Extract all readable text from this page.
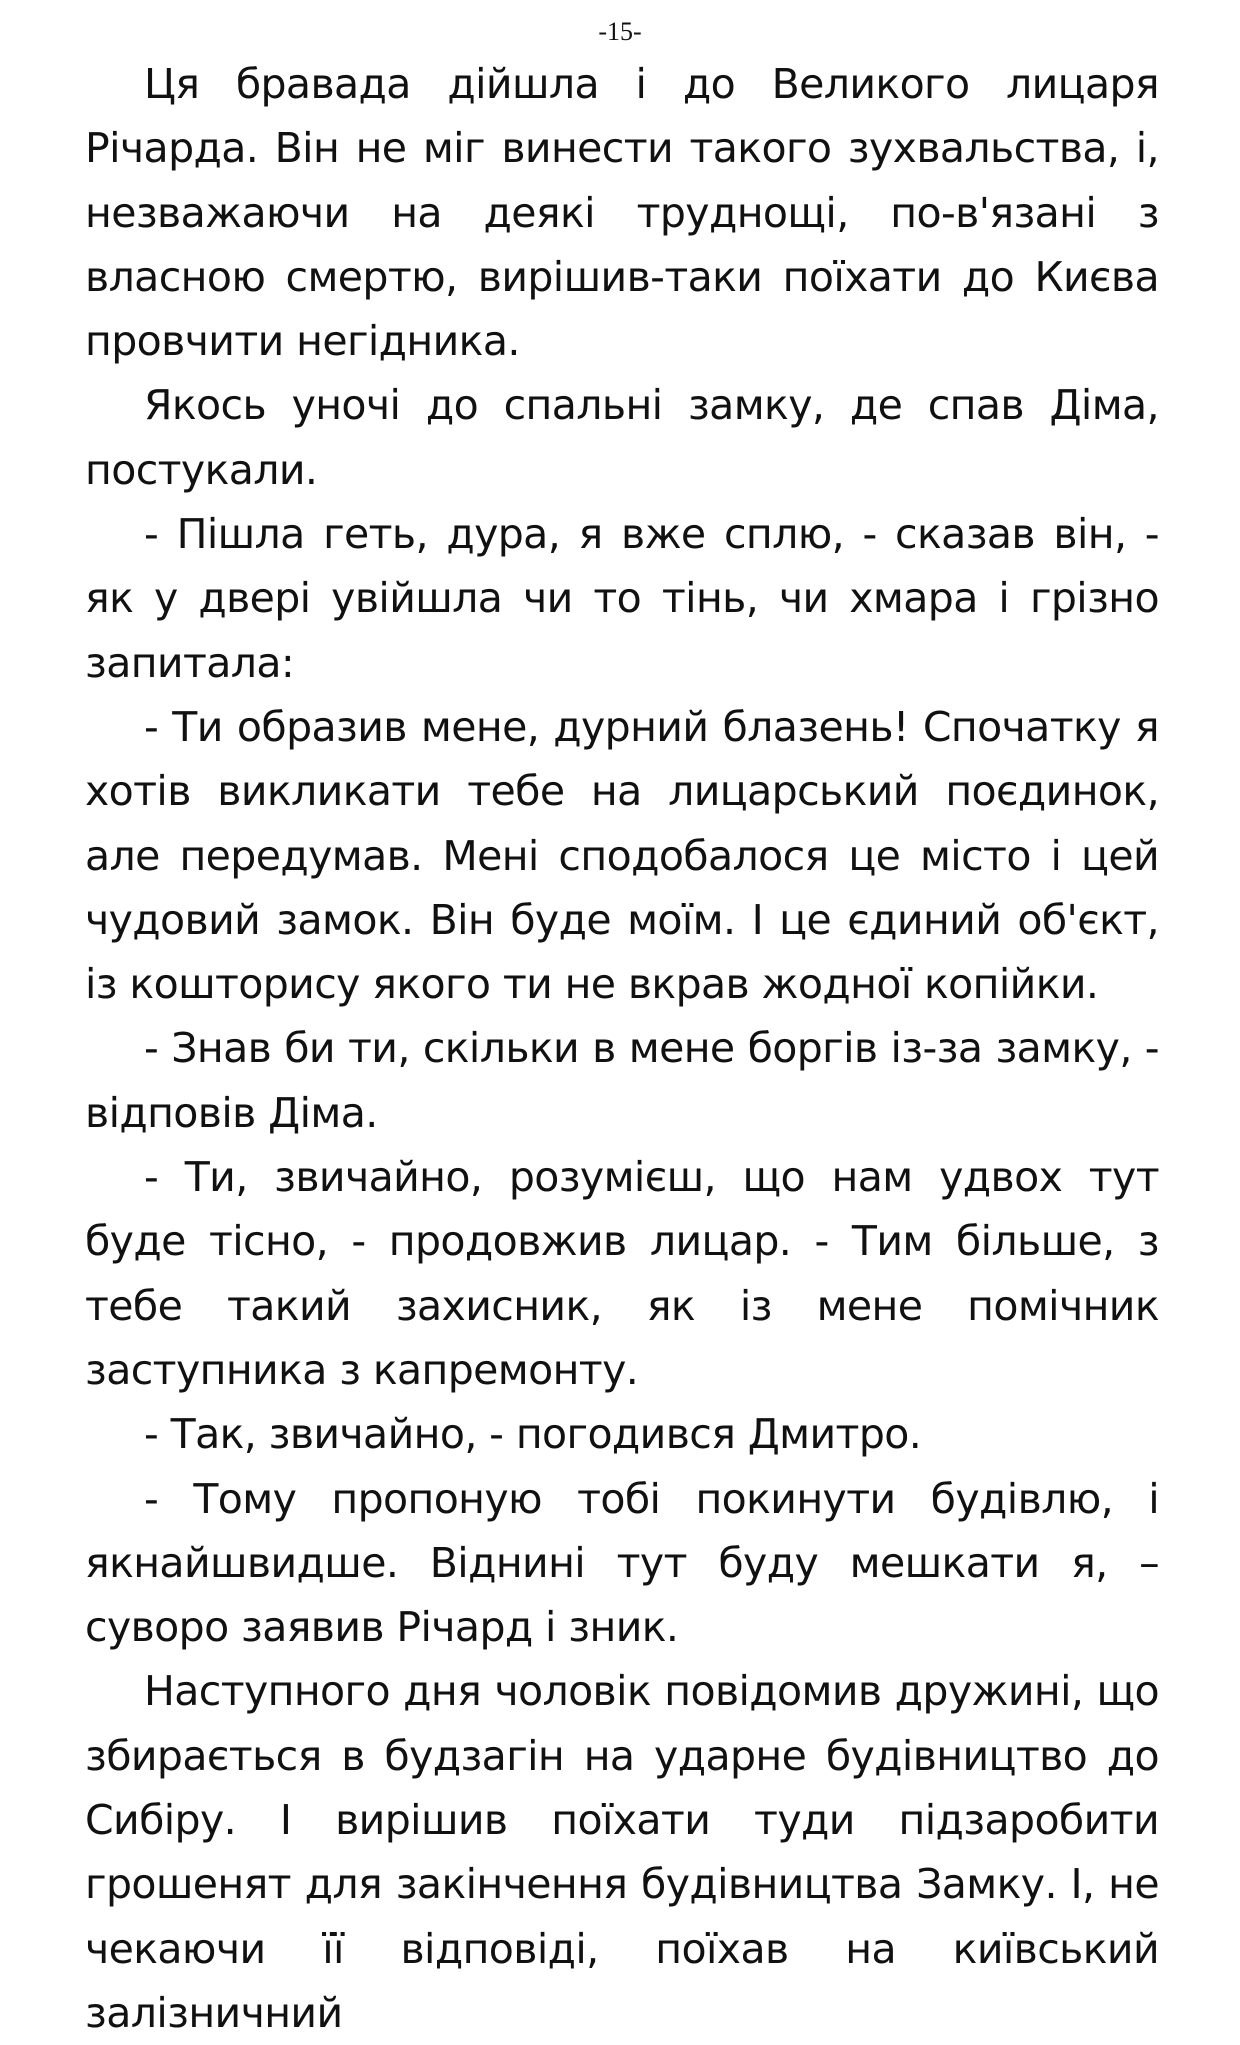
-15-

Ця бравада дійшла і до Великого лицаря Річарда. Він не міг винести такого зухвальства, і, незважаючи на деякі труднощі, по-в'язані з власною смертю, вирішив-таки поїхати до Києва провчити негідника.

Якось уночі до спальні замку, де спав Діма, постукали.

- Пішла геть, дура, я вже сплю, - сказав він, - як у двері увійшла чи то тінь, чи хмара і грізно запитала:

- Ти образив мене, дурний блазень! Спочатку я хотів викликати тебе на лицарський поєдинок, але передумав. Мені сподобалося це місто і цей чудовий замок. Він буде моїм. І це єдиний об'єкт, із кошторису якого ти не вкрав жодної копійки.

- Знав би ти, скільки в мене боргів із-за замку, - відповів Діма.

- Ти, звичайно, розумієш, що нам удвох тут буде тісно, - продовжив лицар. - Тим більше, з тебе такий захисник, як із мене помічник заступника з капремонту.

- Так, звичайно, - погодився Дмитро.

- Тому пропоную тобі покинути будівлю, і якнайшвидше. Віднині тут буду мешкати я, – суворо заявив Річард і зник.

Наступного дня чоловік повідомив дружині, що збирається в будзагін на ударне будівництво до Сибіру. І вирішив поїхати туди підзаробити грошенят для закінчення будівництва Замку. І, не чекаючи її відповіді, поїхав на київський залізничний
